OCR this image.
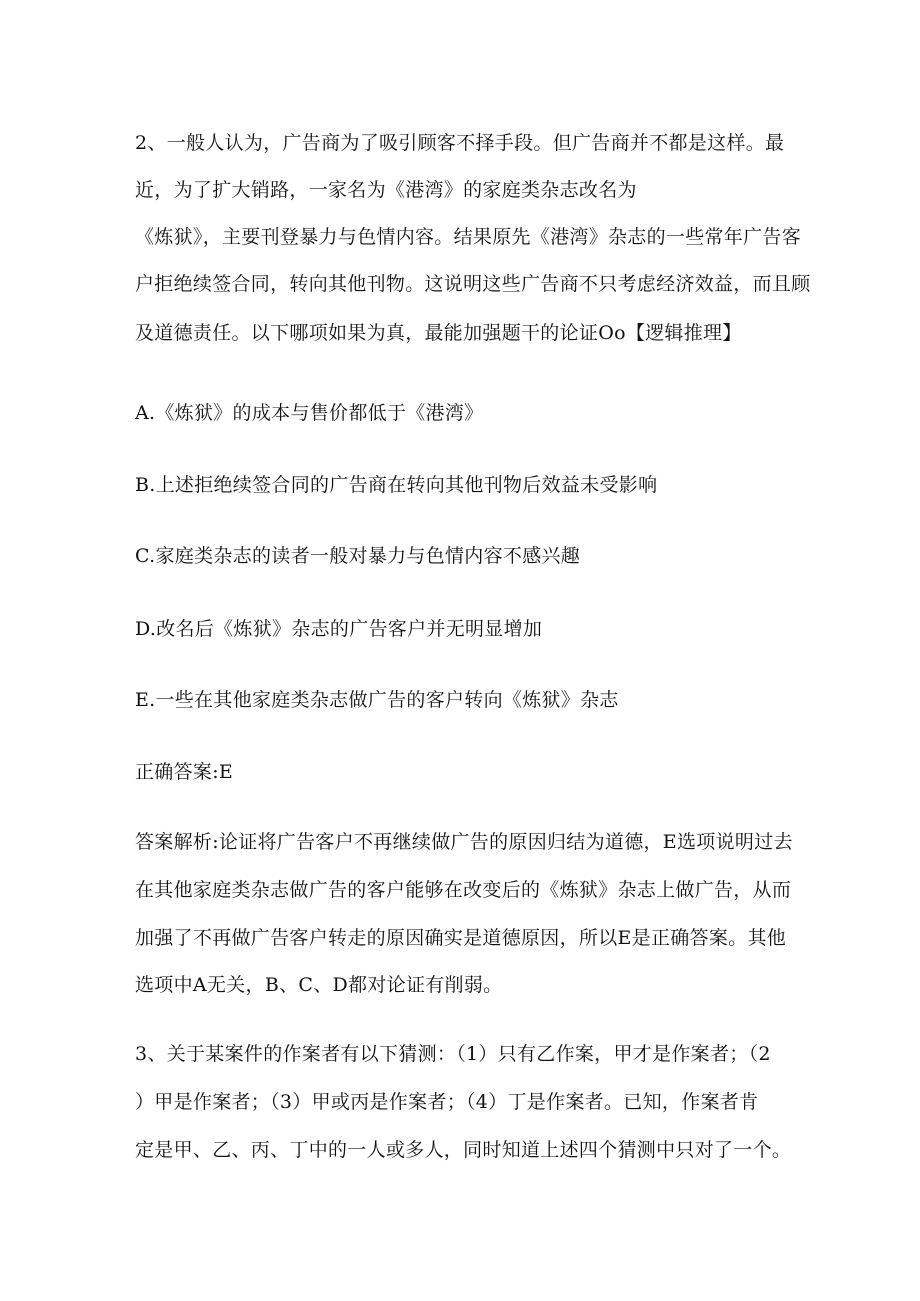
2、一般人认为，广告商为了吸引顾客不择手段。但广告商并不都是这样。最
近，为了扩大销路，一家名为《港湾》的家庭类杂志改名为
《炼狱》，主要刊登暴力与色情内容。结果原先《港湾》杂志的一些常年广告客
户拒绝续签合同，转向其他刊物。这说明这些广告商不只考虑经济效益，而且顾
及道德责任。以下哪项如果为真，最能加强题干的论证Oo【逻辑推理】
A.《炼狱》的成本与售价都低于《港湾》
B.上述拒绝续签合同的广告商在转向其他刊物后效益未受影响
C.家庭类杂志的读者一般对暴力与色情内容不感兴趣
D.改名后《炼狱》杂志的广告客户并无明显增加
E.一些在其他家庭类杂志做广告的客户转向《炼狱》杂志
正确答案:E
答案解析:论证将广告客户不再继续做广告的原因归结为道德，E选项说明过去
在其他家庭类杂志做广告的客户能够在改变后的《炼狱》杂志上做广告，从而
加强了不再做广告客户转走的原因确实是道德原因，所以E是正确答案。其他
选项中A无关，B、C、D都对论证有削弱。
3、关于某案件的作案者有以下猜测：（1）只有乙作案，甲才是作案者；（2
）甲是作案者；（3）甲或丙是作案者；（4）丁是作案者。已知，作案者肯
定是甲、乙、丙、丁中的一人或多人，同时知道上述四个猜测中只对了一个。
